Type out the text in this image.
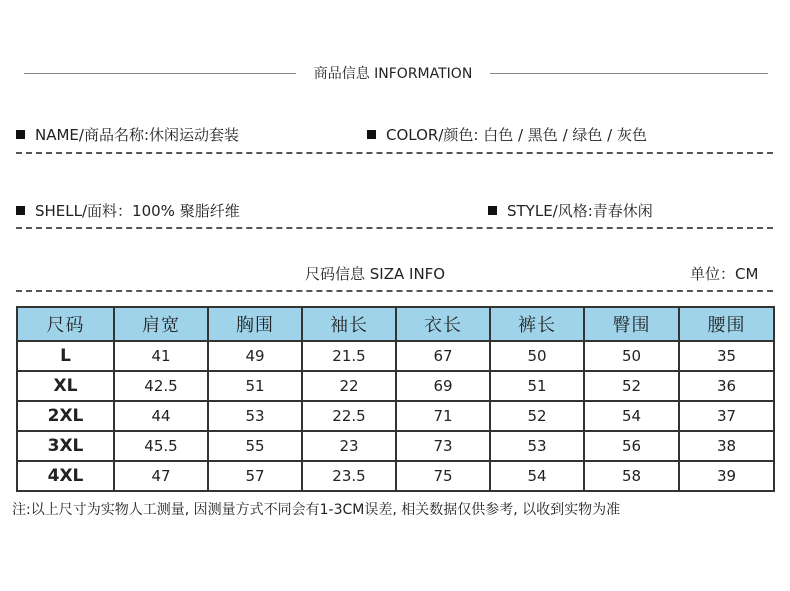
商品信息 INFORMATION
NAME/商品名称:休闲运动套装	COLOR/颜色: 白色 / 黑色 / 绿色 / 灰色
SHELL/面料：100% 聚脂纤维	STYLE/风格:青春休闲
尺码信息 SIZA INFO	单位：CM
尺码	肩宽	胸围	袖长	衣长	裤长	臀围	腰围
L	41	49	21.5	67	50	50	35
XL	42.5	51	22	69	51	52	36
2XL	44	53	22.5	71	52	54	37
3XL	45.5	55	23	73	53	56	38
4XL	47	57	23.5	75	54	58	39
注:以上尺寸为实物人工测量, 因测量方式不同会有1-3CM误差, 相关数据仅供参考, 以收到实物为准
